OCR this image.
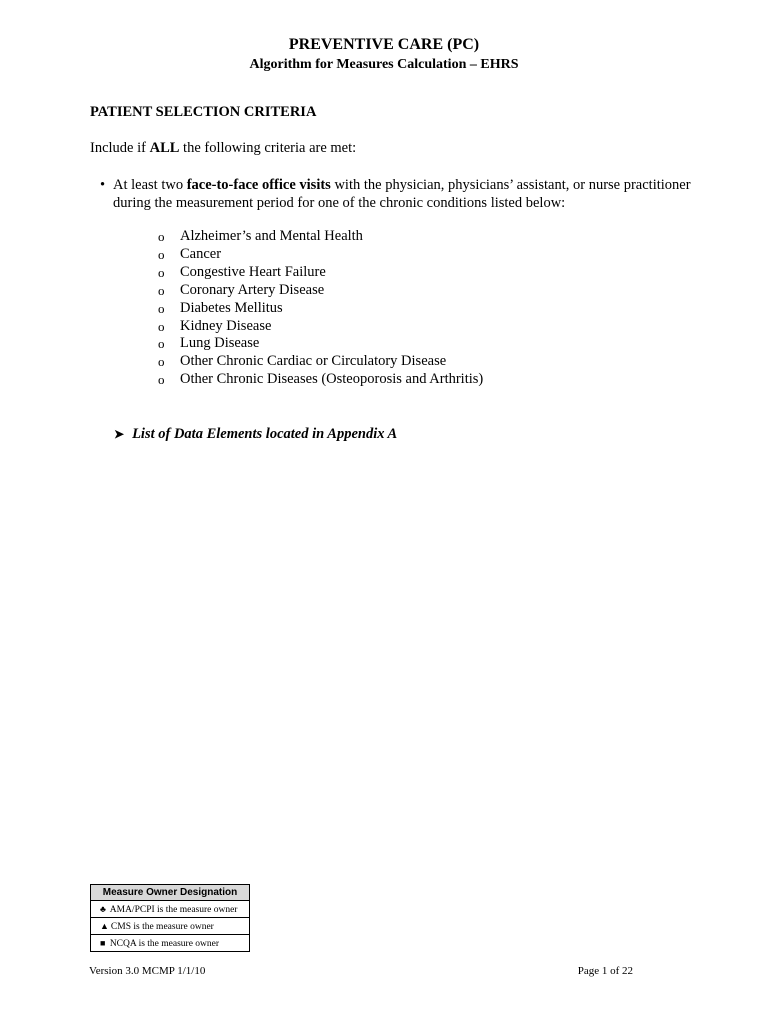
PREVENTIVE CARE (PC)
Algorithm for Measures Calculation – EHRS
PATIENT SELECTION CRITERIA
Include if ALL the following criteria are met:
• At least two face-to-face office visits with the physician, physicians’ assistant, or nurse practitioner during the measurement period for one of the chronic conditions listed below:
o Alzheimer’s and Mental Health
o Cancer
o Congestive Heart Failure
o Coronary Artery Disease
o Diabetes Mellitus
o Kidney Disease
o Lung Disease
o Other Chronic Cardiac or Circulatory Disease
o Other Chronic Diseases (Osteoporosis and Arthritis)
➤ List of Data Elements located in Appendix A
Measure Owner Designation
♣ AMA/PCPI is the measure owner
▲ CMS is the measure owner
■ NCQA is the measure owner
Version 3.0 MCMP 1/1/10	Page 1 of 22
